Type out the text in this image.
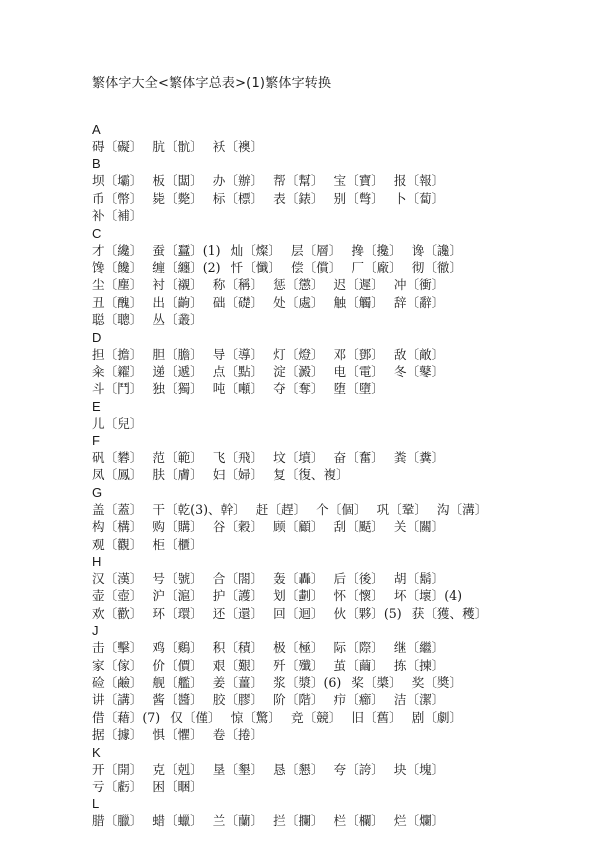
繁体字大全<繁体字总表>(1)繁体字转换
A
碍〔礙〕 肮〔骯〕 袄〔襖〕
B
坝〔壩〕 板〔闆〕 办〔辦〕 帮〔幫〕 宝〔寶〕 报〔報〕
币〔幣〕 毙〔斃〕 标〔標〕 表〔錶〕 别〔彆〕 卜〔蔔〕
补〔補〕
C
才〔纔〕 蚕〔蠶〕(1) 灿〔燦〕 层〔層〕 搀〔攙〕 谗〔讒〕
馋〔饞〕 缠〔纏〕(2) 忏〔懺〕 偿〔償〕 厂〔廠〕 彻〔徹〕
尘〔塵〕 衬〔襯〕 称〔稱〕 惩〔懲〕 迟〔遲〕 冲〔衝〕
丑〔醜〕 出〔齣〕 础〔礎〕 处〔處〕 触〔觸〕 辞〔辭〕
聪〔聰〕 丛〔叢〕
D
担〔擔〕 胆〔膽〕 导〔導〕 灯〔燈〕 邓〔鄧〕 敌〔敵〕
籴〔糴〕 递〔遞〕 点〔點〕 淀〔澱〕 电〔電〕 冬〔鼕〕
斗〔鬥〕 独〔獨〕 吨〔噸〕 夺〔奪〕 堕〔墮〕
E
儿〔兒〕
F
矾〔礬〕 范〔範〕 飞〔飛〕 坟〔墳〕 奋〔奮〕 粪〔糞〕
凤〔鳳〕 肤〔膚〕 妇〔婦〕 复〔復、複〕
G
盖〔蓋〕 干〔乾(3)、幹〕 赶〔趕〕 个〔個〕 巩〔鞏〕 沟〔溝〕
构〔構〕 购〔購〕 谷〔穀〕 顾〔顧〕 刮〔颳〕 关〔關〕
观〔觀〕 柜〔櫃〕
H
汉〔漢〕 号〔號〕 合〔閤〕 轰〔轟〕 后〔後〕 胡〔鬍〕
壶〔壺〕 沪〔滬〕 护〔護〕 划〔劃〕 怀〔懷〕 坏〔壞〕(4)
欢〔歡〕 环〔環〕 还〔還〕 回〔迴〕 伙〔夥〕(5) 获〔獲、穫〕
J
击〔擊〕 鸡〔鷄〕 积〔積〕 极〔極〕 际〔際〕 继〔繼〕
家〔傢〕 价〔價〕 艰〔艱〕 歼〔殲〕 茧〔繭〕 拣〔揀〕
硷〔鹼〕 舰〔艦〕 姜〔薑〕 浆〔漿〕(6) 桨〔槳〕 奖〔奬〕
讲〔講〕 酱〔醬〕 胶〔膠〕 阶〔階〕 疖〔癤〕 洁〔潔〕
借〔藉〕(7) 仅〔僅〕 惊〔驚〕 竞〔競〕 旧〔舊〕 剧〔劇〕
据〔據〕 惧〔懼〕 卷〔捲〕
K
开〔開〕 克〔剋〕 垦〔墾〕 恳〔懇〕 夸〔誇〕 块〔塊〕
亏〔虧〕 困〔睏〕
L
腊〔臘〕 蜡〔蠟〕 兰〔蘭〕 拦〔攔〕 栏〔欄〕 烂〔爛〕
